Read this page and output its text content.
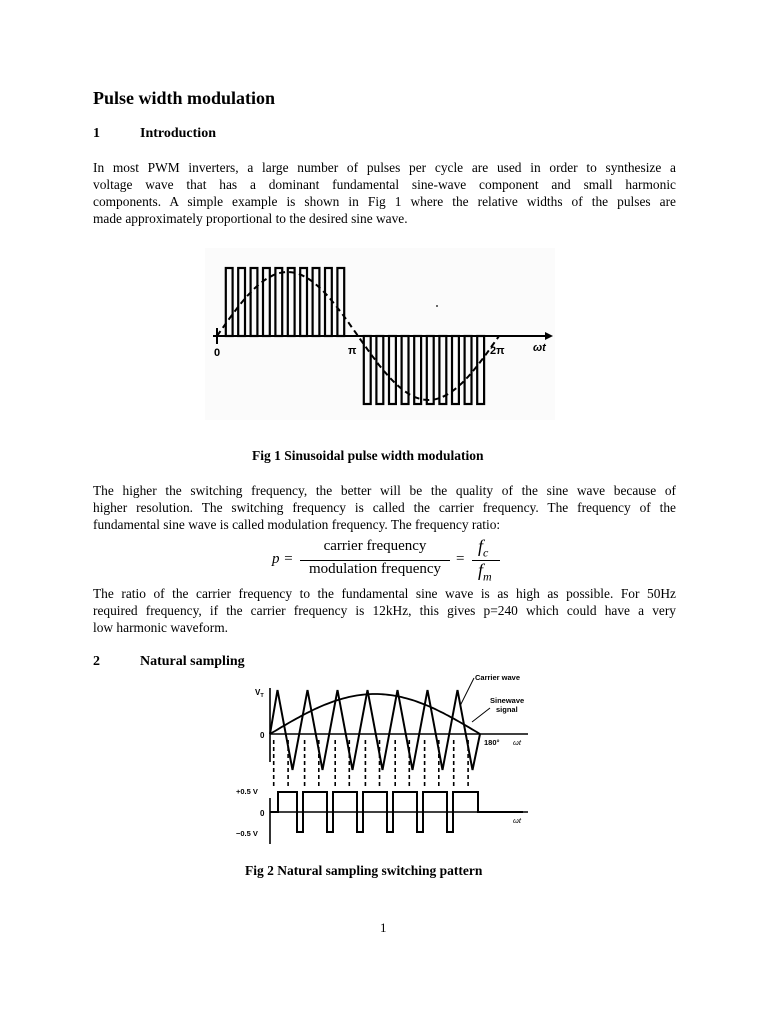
Pulse width modulation
1	Introduction
In most PWM inverters, a large number of pulses per cycle are used in order to synthesize a
voltage wave that has a dominant fundamental sine-wave component and small harmonic
components. A simple example is shown in Fig 1 where the relative widths of the pulses are
made approximately proportional to the desired sine wave.
0	π	2π	ωt
Fig 1 Sinusoidal pulse width modulation
The higher the switching frequency, the better will be the quality of the sine wave because of
higher resolution. The switching frequency is called the carrier frequency. The frequency of the
fundamental sine wave is called modulation frequency. The frequency ratio:
p =
carrier frequency
modulation frequency
=
$f_c$
$f_m$
The ratio of the carrier frequency to the fundamental sine wave is as high as possible. For 50Hz
required frequency, if the carrier frequency is 12kHz, this gives p=240 which could have a very
low harmonic waveform.
2	Natural sampling
Carrier wave
Sinewave
signal
$V_T$
0
180° ωt
+0.5 V
0
−0.5 V
ωt
Fig 2 Natural sampling switching pattern
1
